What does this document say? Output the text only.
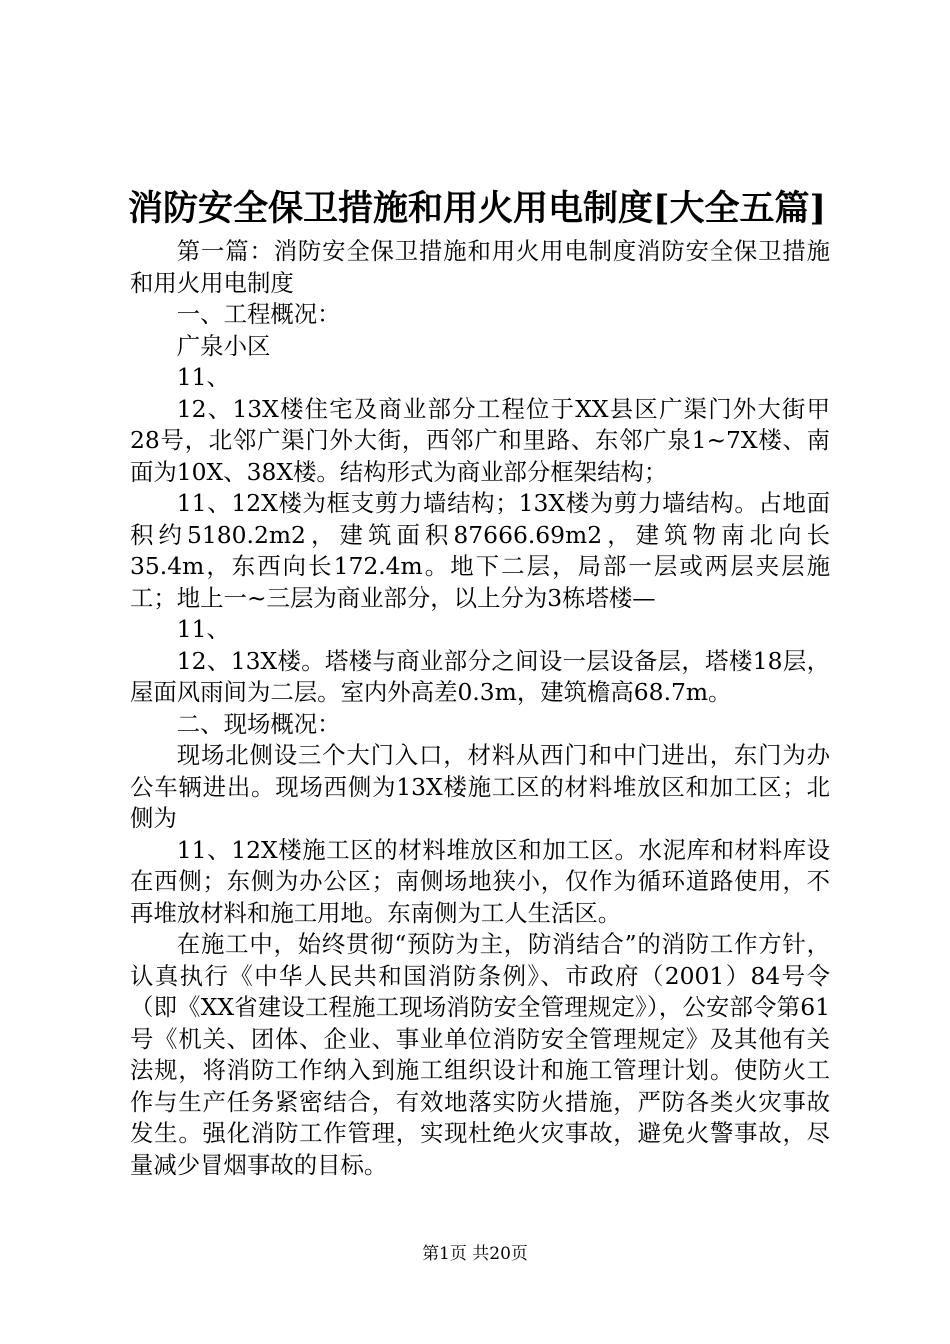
消防安全保卫措施和用火用电制度[大全五篇]

第一篇：消防安全保卫措施和用火用电制度消防安全保卫措施和用火用电制度

一、工程概况：

广泉小区

11、

12、13X楼住宅及商业部分工程位于XX县区广渠门外大街甲28号，北邻广渠门外大街，西邻广和里路、东邻广泉1~7X楼、南面为10X、38X楼。结构形式为商业部分框架结构；

11、12X楼为框支剪力墙结构；13X楼为剪力墙结构。占地面积约5180.2m2，建筑面积87666.69m2，建筑物南北向长35.4m，东西向长172.4m。地下二层，局部一层或两层夹层施工；地上一~三层为商业部分，以上分为3栋塔楼—

11、

12、13X楼。塔楼与商业部分之间设一层设备层，塔楼18层，屋面风雨间为二层。室内外高差0.3m，建筑檐高68.7m。

二、现场概况：

现场北侧设三个大门入口，材料从西门和中门进出，东门为办公车辆进出。现场西侧为13X楼施工区的材料堆放区和加工区；北侧为

11、12X楼施工区的材料堆放区和加工区。水泥库和材料库设在西侧；东侧为办公区；南侧场地狭小，仅作为循环道路使用，不再堆放材料和施工用地。东南侧为工人生活区。

在施工中，始终贯彻“预防为主，防消结合”的消防工作方针，认真执行《中华人民共和国消防条例》、市政府（2001）84号令（即《XX省建设工程施工现场消防安全管理规定》），公安部令第61号《机关、团体、企业、事业单位消防安全管理规定》及其他有关法规，将消防工作纳入到施工组织设计和施工管理计划。使防火工作与生产任务紧密结合，有效地落实防火措施，严防各类火灾事故发生。强化消防工作管理，实现杜绝火灾事故，避免火警事故，尽量减少冒烟事故的目标。

第1页 共20页
